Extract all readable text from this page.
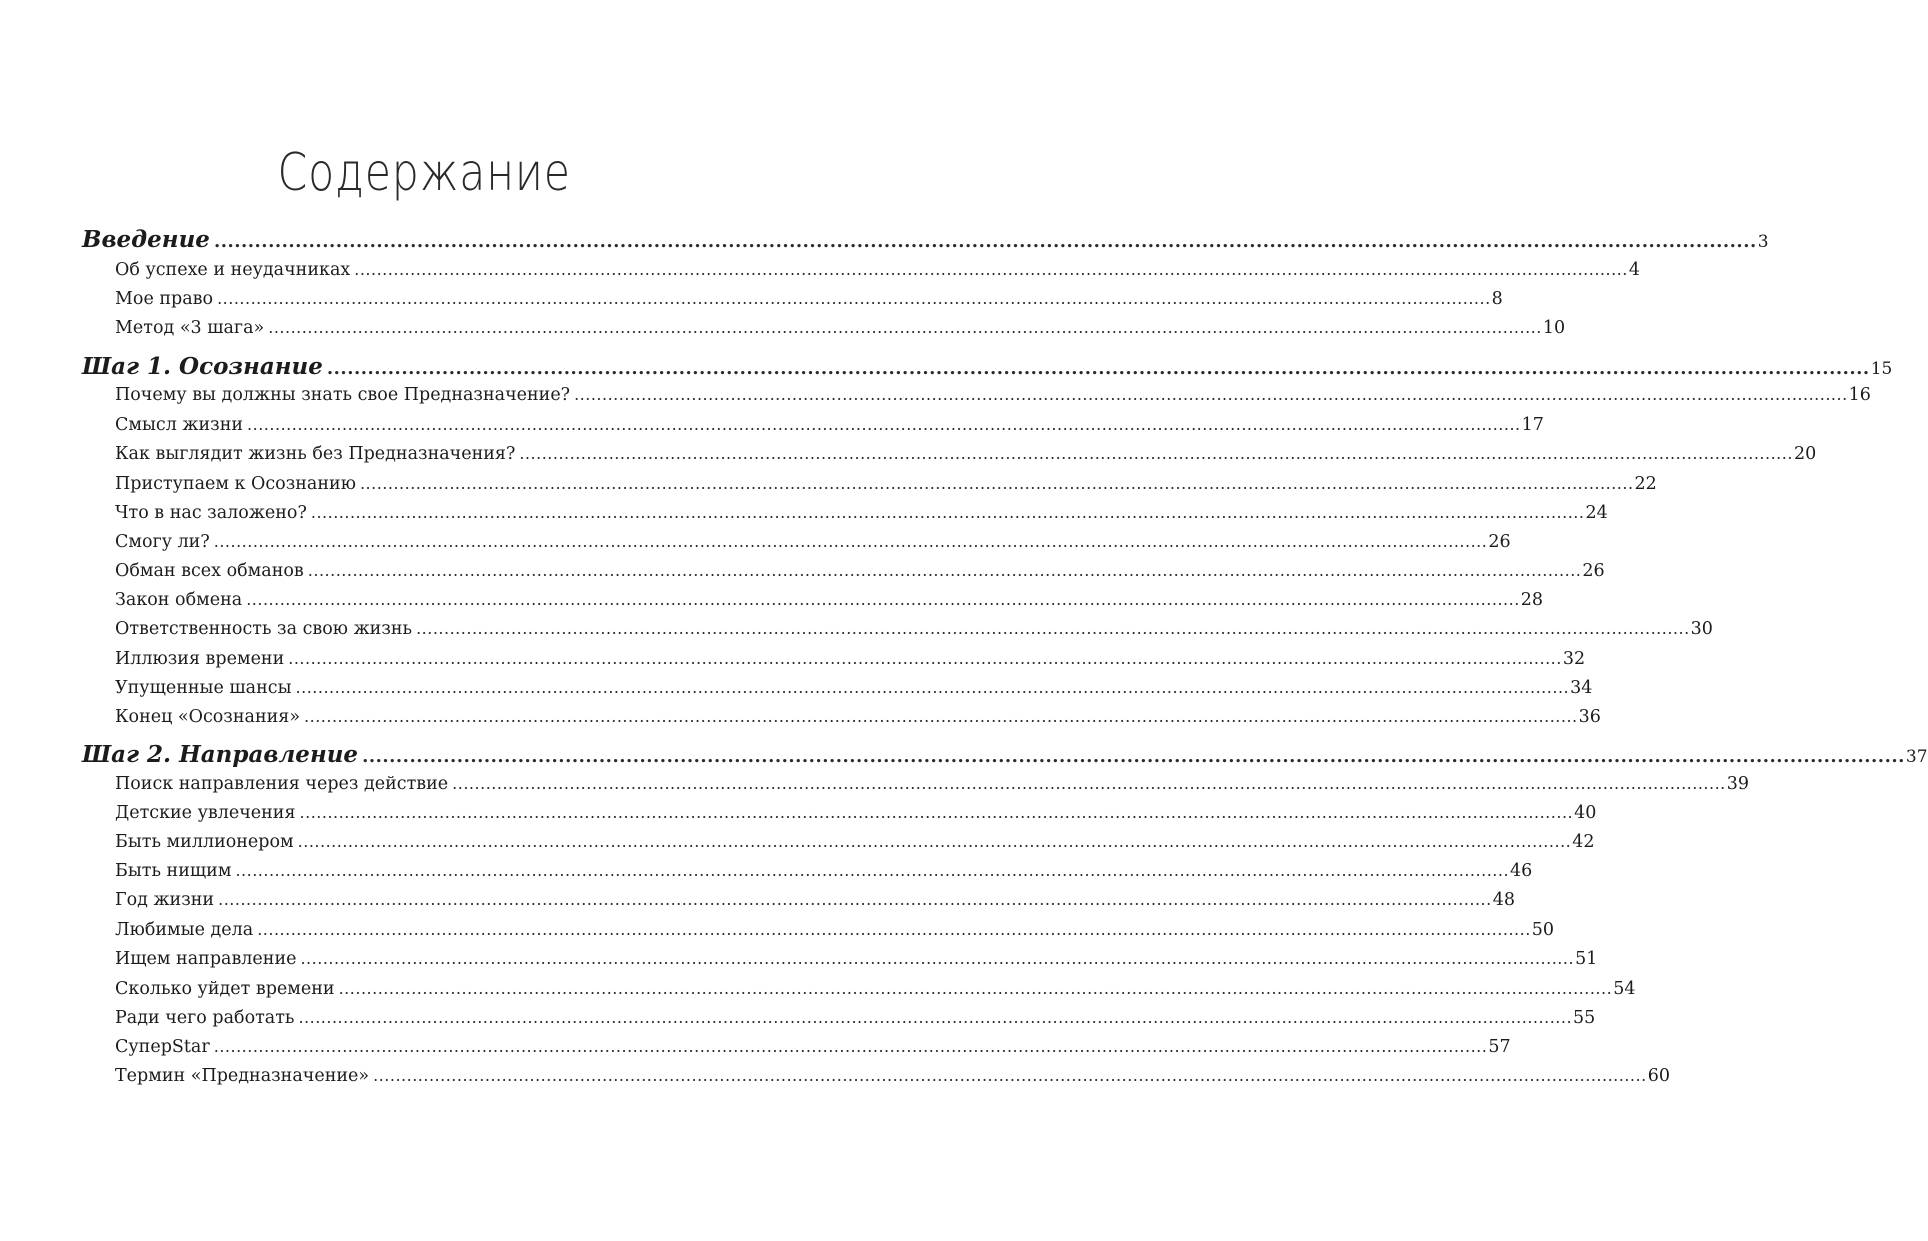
Содержание
Введение .................................................................................................................................................................................................................................... 3
Об успехе и неудачниках .................................................................................................................................................................................................................................... 4
Мое право .................................................................................................................................................................................................................................... 8
Метод «3 шага» .................................................................................................................................................................................................................................... 10
Шаг 1. Осознание .................................................................................................................................................................................................................................... 15
Почему вы должны знать свое Предназначение? .................................................................................................................................................................................................................................... 16
Смысл жизни .................................................................................................................................................................................................................................... 17
Как выглядит жизнь без Предназначения? .................................................................................................................................................................................................................................... 20
Приступаем к Осознанию .................................................................................................................................................................................................................................... 22
Что в нас заложено? .................................................................................................................................................................................................................................... 24
Смогу ли? .................................................................................................................................................................................................................................... 26
Обман всех обманов .................................................................................................................................................................................................................................... 26
Закон обмена .................................................................................................................................................................................................................................... 28
Ответственность за свою жизнь .................................................................................................................................................................................................................................... 30
Иллюзия времени .................................................................................................................................................................................................................................... 32
Упущенные шансы .................................................................................................................................................................................................................................... 34
Конец «Осознания» .................................................................................................................................................................................................................................... 36
Шаг 2. Направление .................................................................................................................................................................................................................................... 37
Поиск направления через действие .................................................................................................................................................................................................................................... 39
Детские увлечения .................................................................................................................................................................................................................................... 40
Быть миллионером .................................................................................................................................................................................................................................... 42
Быть нищим .................................................................................................................................................................................................................................... 46
Год жизни .................................................................................................................................................................................................................................... 48
Любимые дела .................................................................................................................................................................................................................................... 50
Ищем направление .................................................................................................................................................................................................................................... 51
Сколько уйдет времени .................................................................................................................................................................................................................................... 54
Ради чего работать .................................................................................................................................................................................................................................... 55
СуперStar .................................................................................................................................................................................................................................... 57
Термин «Предназначение» .................................................................................................................................................................................................................................... 60
